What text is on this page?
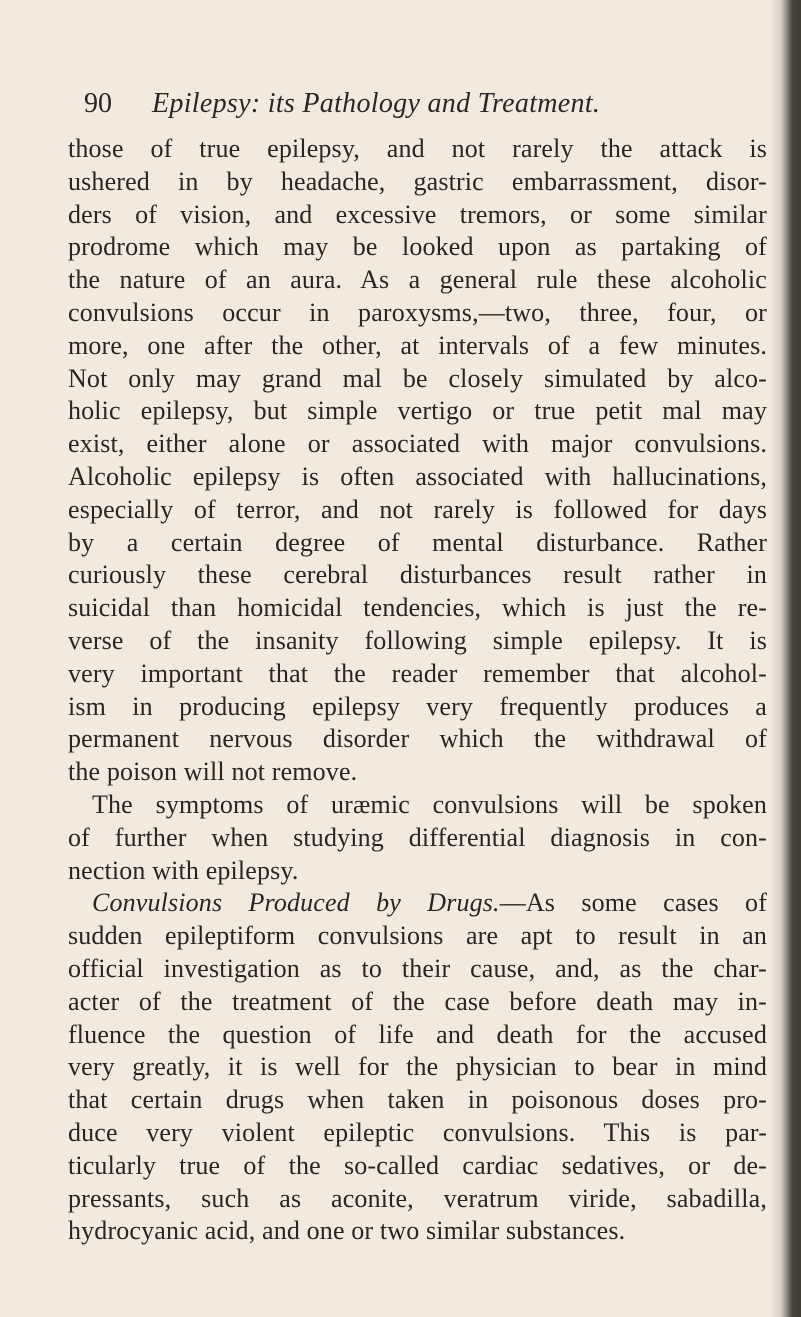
90 Epilepsy: its Pathology and Treatment.
those of true epilepsy, and not rarely the attack is
ushered in by headache, gastric embarrassment, disor-
ders of vision, and excessive tremors, or some similar
prodrome which may be looked upon as partaking of
the nature of an aura. As a general rule these alcoholic
convulsions occur in paroxysms,—two, three, four, or
more, one after the other, at intervals of a few minutes.
Not only may grand mal be closely simulated by alco-
holic epilepsy, but simple vertigo or true petit mal may
exist, either alone or associated with major convulsions.
Alcoholic epilepsy is often associated with hallucinations,
especially of terror, and not rarely is followed for days
by a certain degree of mental disturbance. Rather
curiously these cerebral disturbances result rather in
suicidal than homicidal tendencies, which is just the re-
verse of the insanity following simple epilepsy. It is
very important that the reader remember that alcohol-
ism in producing epilepsy very frequently produces a
permanent nervous disorder which the withdrawal of
the poison will not remove.
The symptoms of uræmic convulsions will be spoken
of further when studying differential diagnosis in con-
nection with epilepsy.
Convulsions Produced by Drugs.—As some cases of
sudden epileptiform convulsions are apt to result in an
official investigation as to their cause, and, as the char-
acter of the treatment of the case before death may in-
fluence the question of life and death for the accused
very greatly, it is well for the physician to bear in mind
that certain drugs when taken in poisonous doses pro-
duce very violent epileptic convulsions. This is par-
ticularly true of the so-called cardiac sedatives, or de-
pressants, such as aconite, veratrum viride, sabadilla,
hydrocyanic acid, and one or two similar substances.
